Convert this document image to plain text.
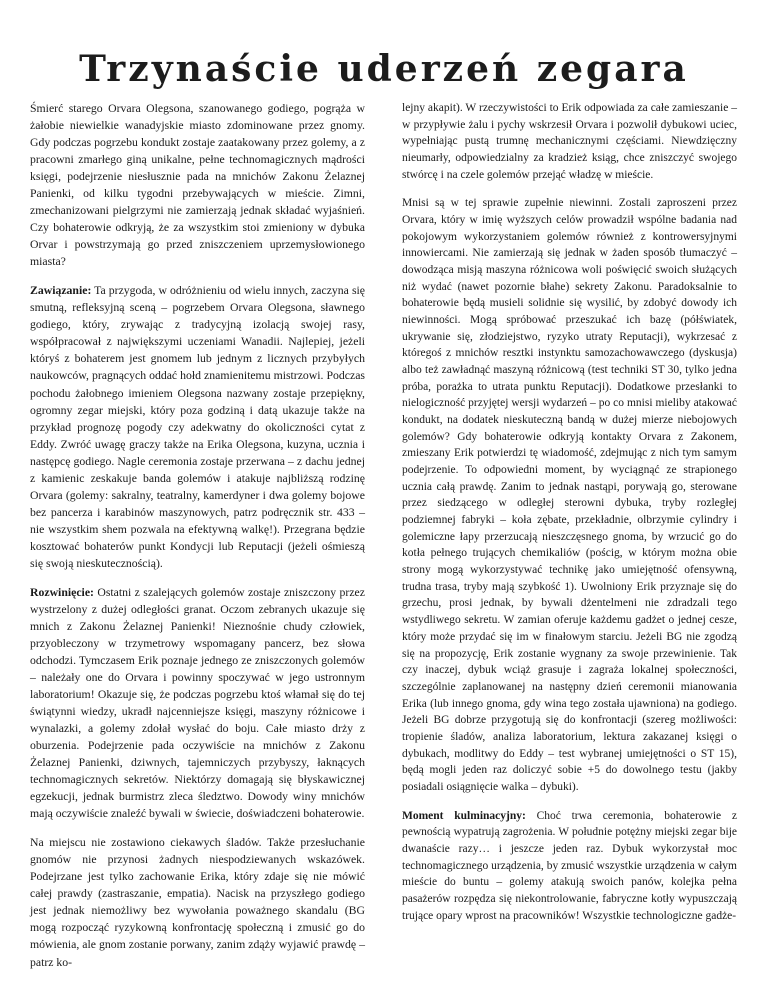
Trzynaście uderzeń zegara

Śmierć starego Orvara Olegsona, szanowanego godiego, pogrąża w żałobie niewielkie wanadyjskie miasto zdominowane przez gnomy. Gdy podczas pogrzebu kondukt zostaje zaatakowany przez golemy, a z pracowni zmarłego giną unikalne, pełne technomagicznych mądrości księgi, podejrzenie niesłusznie pada na mnichów Zakonu Żelaznej Panienki, od kilku tygodni przebywających w mieście. Zimni, zmechanizowani pielgrzymi nie zamierzają jednak składać wyjaśnień. Czy bohaterowie odkryją, że za wszystkim stoi zmieniony w dybuka Orvar i powstrzymają go przed zniszczeniem uprzemysłowionego miasta?

Zawiązanie: Ta przygoda, w odróżnieniu od wielu innych, zaczyna się smutną, refleksyjną sceną – pogrzebem Orvara Olegsona, sławnego godiego, który, zrywając z tradycyjną izolacją swojej rasy, współpracował z największymi uczeniami Wanadii. Najlepiej, jeżeli któryś z bohaterem jest gnomem lub jednym z licznych przybyłych naukowców, pragnących oddać hołd znamienitemu mistrzowi. Podczas pochodu żałobnego imieniem Olegsona nazwany zostaje przepiękny, ogromny zegar miejski, który poza godziną i datą ukazuje także na przykład prognozę pogody czy adekwatny do okoliczności cytat z Eddy. Zwróć uwagę graczy także na Erika Olegsona, kuzyna, ucznia i następcę godiego. Nagle ceremonia zostaje przerwana – z dachu jednej z kamienic zeskakuje banda golemów i atakuje najbliższą rodzinę Orvara (golemy: sakralny, teatralny, kamerdyner i dwa golemy bojowe bez pancerza i karabinów maszynowych, patrz podręcznik str. 433 – nie wszystkim shem pozwala na efektywną walkę!). Przegrana będzie kosztować bohaterów punkt Kondycji lub Reputacji (jeżeli ośmieszą się swoją nieskutecznością).

Rozwinięcie: Ostatni z szalejących golemów zostaje zniszczony przez wystrzelony z dużej odległości granat. Oczom zebranych ukazuje się mnich z Zakonu Żelaznej Panienki! Nieznośnie chudy człowiek, przyobleczony w trzymetrowy wspomagany pancerz, bez słowa odchodzi. Tymczasem Erik poznaje jednego ze zniszczonych golemów – należały one do Orvara i powinny spoczywać w jego ustronnym laboratorium! Okazuje się, że podczas pogrzebu ktoś włamał się do tej świątynni wiedzy, ukradł najcenniejsze księgi, maszyny różnicowe i wynalazki, a golemy zdołał wysłać do boju. Całe miasto drży z oburzenia. Podejrzenie pada oczywiście na mnichów z Zakonu Żelaznej Panienki, dziwnych, tajemniczych przybyszy, łaknących technomagicznych sekretów. Niektórzy domagają się błyskawicznej egzekucji, jednak burmistrz zleca śledztwo. Dowody winy mnichów mają oczywiście znaleźć bywali w świecie, doświadczeni bohaterowie.

Na miejscu nie zostawiono ciekawych śladów. Także przesłuchanie gnomów nie przynosi żadnych niespodziewanych wskazówek. Podejrzane jest tylko zachowanie Erika, który zdaje się nie mówić całej prawdy (zastraszanie, empatia). Nacisk na przyszłego godiego jest jednak niemożliwy bez wywołania poważnego skandalu (BG mogą rozpocząć ryzykowną konfrontację społeczną i zmusić go do mówienia, ale gnom zostanie porwany, zanim zdąży wyjawić prawdę – patrz ko-

lejny akapit). W rzeczywistości to Erik odpowiada za całe zamieszanie – w przypływie żalu i pychy wskrzesił Orvara i pozwolił dybukowi uciec, wypełniając pustą trumnę mechanicznymi częściami. Niewdzięczny nieumarły, odpowiedzialny za kradzież ksiąg, chce zniszczyć swojego stwórcę i na czele golemów przejąć władzę w mieście.

Mnisi są w tej sprawie zupełnie niewinni. Zostali zaproszeni przez Orvara, który w imię wyższych celów prowadził wspólne badania nad pokojowym wykorzystaniem golemów również z kontrowersyjnymi innowiercami. Nie zamierzają się jednak w żaden sposób tłumaczyć – dowodząca misją maszyna różnicowa woli poświęcić swoich służących niż wydać (nawet pozornie błahe) sekrety Zakonu. Paradoksalnie to bohaterowie będą musieli solidnie się wysilić, by zdobyć dowody ich niewinności. Mogą spróbować przeszukać ich bazę (półświatek, ukrywanie się, złodziejstwo, ryzyko utraty Reputacji), wykrzesać z któregoś z mnichów resztki instynktu samozachowawczego (dyskusja) albo też zawładnąć maszyną różnicową (test techniki ST 30, tylko jedna próba, porażka to utrata punktu Reputacji). Dodatkowe przesłanki to nielogiczność przyjętej wersji wydarzeń – po co mnisi mieliby atakować kondukt, na dodatek nieskuteczną bandą w dużej mierze niebojowych golemów? Gdy bohaterowie odkryją kontakty Orvara z Zakonem, zmieszany Erik potwierdzi tę wiadomość, zdejmując z nich tym samym podejrzenie. To odpowiedni moment, by wyciągnąć ze strapionego ucznia całą prawdę. Zanim to jednak nastąpi, porywają go, sterowane przez siedzącego w odległej sterowni dybuka, tryby rozległej podziemnej fabryki – koła zębate, przekładnie, olbrzymie cylindry i golemiczne łapy przerzucają nieszczęsnego gnoma, by wrzucić go do kotła pełnego trujących chemikaliów (pościg, w którym można obie strony mogą wykorzystywać technikę jako umiejętność ofensywną, trudna trasa, tryby mają szybkość 1). Uwolniony Erik przyznaje się do grzechu, prosi jednak, by bywali dżentelmeni nie zdradzali tego wstydliwego sekretu. W zamian oferuje każdemu gadżet o jednej cesze, który może przydać się im w finałowym starciu. Jeżeli BG nie zgodzą się na propozycję, Erik zostanie wygnany za swoje przewinienie. Tak czy inaczej, dybuk wciąż grasuje i zagraża lokalnej społeczności, szczególnie zaplanowanej na następny dzień ceremonii mianowania Erika (lub innego gnoma, gdy wina tego została ujawniona) na godiego. Jeżeli BG dobrze przygotują się do konfrontacji (szereg możliwości: tropienie śladów, analiza laboratorium, lektura zakazanej księgi o dybukach, modlitwy do Eddy – test wybranej umiejętności o ST 15), będą mogli jeden raz doliczyć sobie +5 do dowolnego testu (jakby posiadali osiągnięcie walka – dybuki).

Moment kulminacyjny: Choć trwa ceremonia, bohaterowie z pewnością wypatrują zagrożenia. W południe potężny miejski zegar bije dwanaście razy… i jeszcze jeden raz. Dybuk wykorzystał moc technomagicznego urządzenia, by zmusić wszystkie urządzenia w całym mieście do buntu – golemy atakują swoich panów, kolejka pełna pasażerów rozpędza się niekontrolowanie, fabryczne kotły wypuszczają trujące opary wprost na pracowników! Wszystkie technologiczne gadże-
